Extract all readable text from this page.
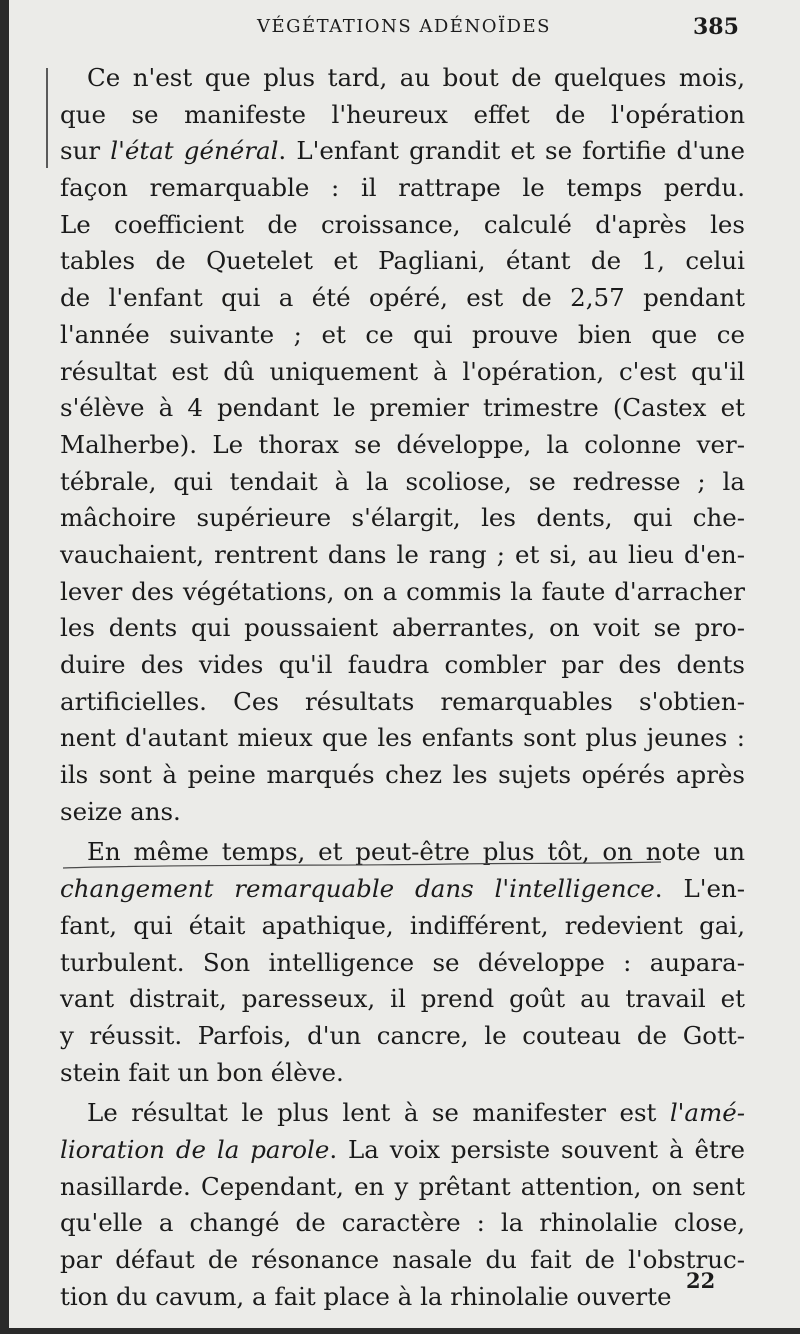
VÉGÉTATIONS ADÉNOÏDES	385
Ce n'est que plus tard, au bout de quelques mois,
que se manifeste l'heureux effet de l'opération
sur l'état général. L'enfant grandit et se fortifie d'une
façon remarquable : il rattrape le temps perdu.
Le coefficient de croissance, calculé d'après les
tables de Quetelet et Pagliani, étant de 1, celui
de l'enfant qui a été opéré, est de 2,57 pendant
l'année suivante ; et ce qui prouve bien que ce
résultat est dû uniquement à l'opération, c'est qu'il
s'élève à 4 pendant le premier trimestre (Castex et
Malherbe). Le thorax se développe, la colonne ver-
tébrale, qui tendait à la scoliose, se redresse ; la
mâchoire supérieure s'élargit, les dents, qui che-
vauchaient, rentrent dans le rang ; et si, au lieu d'en-
lever des végétations, on a commis la faute d'arracher
les dents qui poussaient aberrantes, on voit se pro-
duire des vides qu'il faudra combler par des dents
artificielles. Ces résultats remarquables s'obtien-
nent d'autant mieux que les enfants sont plus jeunes :
ils sont à peine marqués chez les sujets opérés après
seize ans.
En même temps, et peut-être plus tôt, on note un
changement remarquable dans l'intelligence. L'en-
fant, qui était apathique, indifférent, redevient gai,
turbulent. Son intelligence se développe : aupara-
vant distrait, paresseux, il prend goût au travail et
y réussit. Parfois, d'un cancre, le couteau de Gott-
stein fait un bon élève.
Le résultat le plus lent à se manifester est l'amé-
lioration de la parole. La voix persiste souvent à être
nasillarde. Cependant, en y prêtant attention, on sent
qu'elle a changé de caractère : la rhinolalie close,
par défaut de résonance nasale du fait de l'obstruc-
tion du cavum, a fait place à la rhinolalie ouverte
22
